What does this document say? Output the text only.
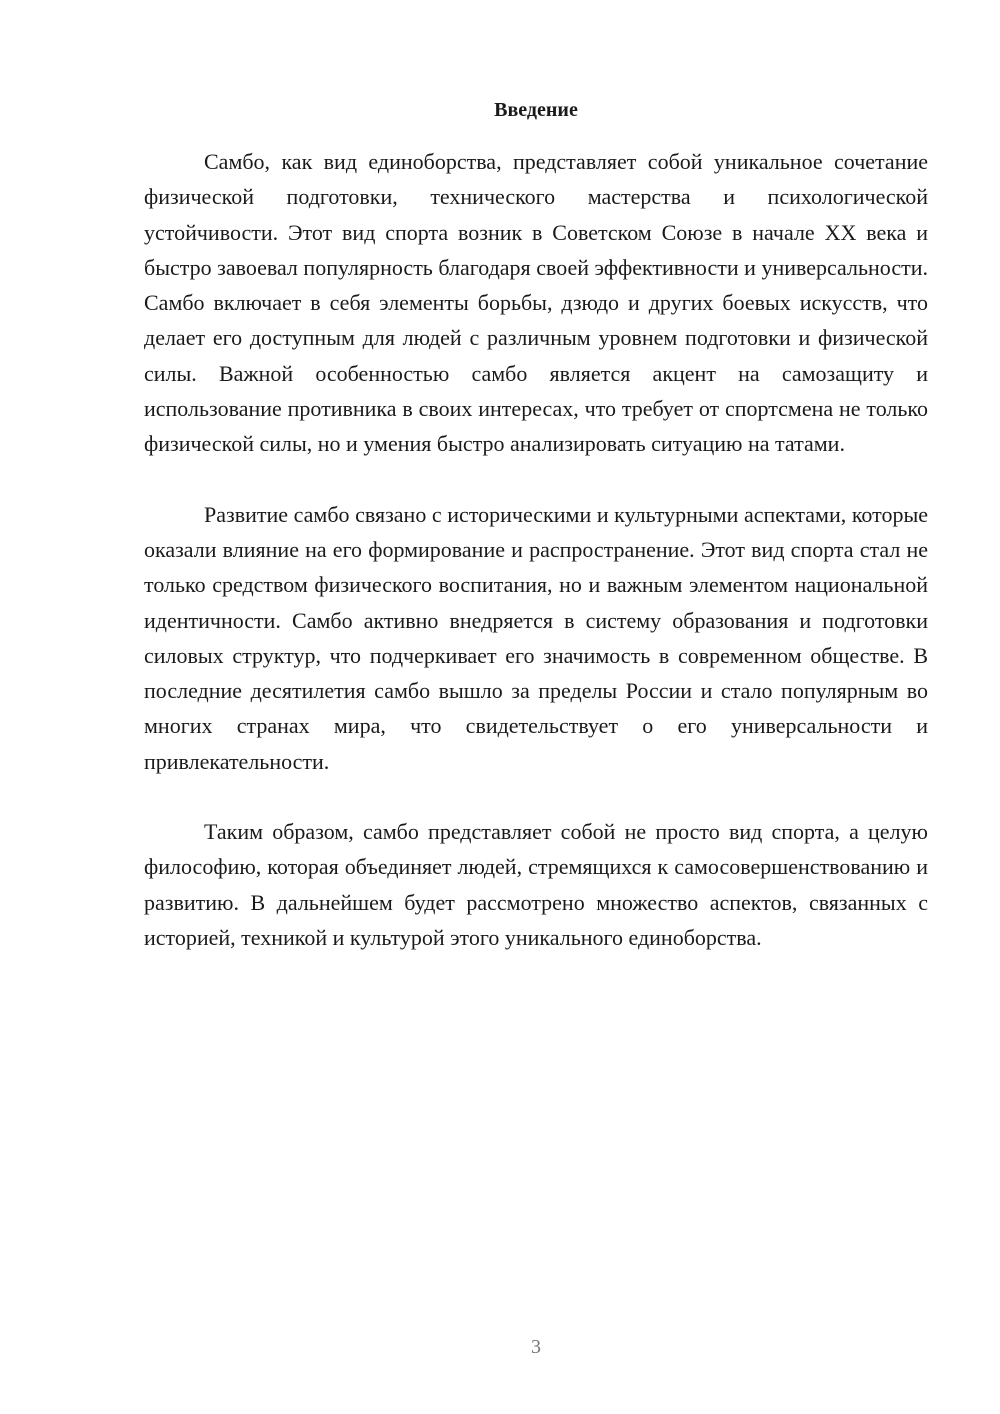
Введение

Самбо, как вид единоборства, представляет собой уникальное сочетание физической подготовки, технического мастерства и психологической устойчивости. Этот вид спорта возник в Советском Союзе в начале XX века и быстро завоевал популярность благодаря своей эффективности и универсальности. Самбо включает в себя элементы борьбы, дзюдо и других боевых искусств, что делает его доступным для людей с различным уровнем подготовки и физической силы. Важной особенностью самбо является акцент на самозащиту и использование противника в своих интересах, что требует от спортсмена не только физической силы, но и умения быстро анализировать ситуацию на татами.

Развитие самбо связано с историческими и культурными аспектами, которые оказали влияние на его формирование и распространение. Этот вид спорта стал не только средством физического воспитания, но и важным элементом национальной идентичности. Самбо активно внедряется в систему образования и подготовки силовых структур, что подчеркивает его значимость в современном обществе. В последние десятилетия самбо вышло за пределы России и стало популярным во многих странах мира, что свидетельствует о его универсальности и привлекательности.

Таким образом, самбо представляет собой не просто вид спорта, а целую философию, которая объединяет людей, стремящихся к самосовершенствованию и развитию. В дальнейшем будет рассмотрено множество аспектов, связанных с историей, техникой и культурой этого уникального единоборства.

3
